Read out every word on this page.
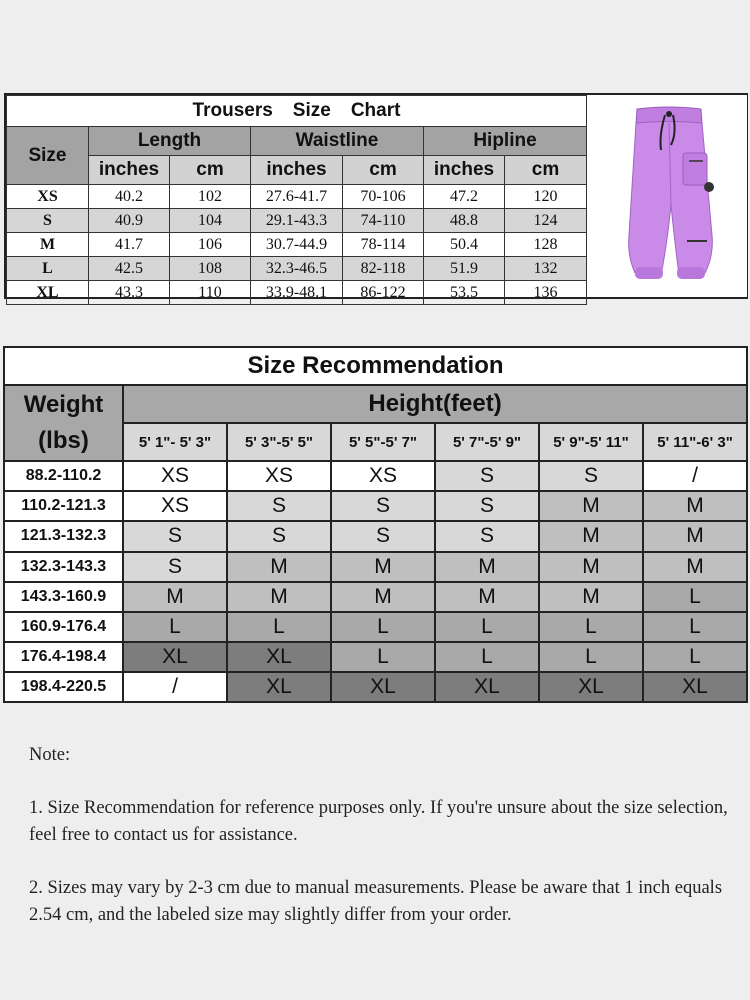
Trousers Size Chart						
Size	Length		Waistline		Hipline	
	inches	cm	inches	cm	inches	cm
XS	40.2	102	27.6-41.7	70-106	47.2	120
S	40.9	104	29.1-43.3	74-110	48.8	124
M	41.7	106	30.7-44.9	78-114	50.4	128
L	42.5	108	32.3-46.5	82-118	51.9	132
XL	43.3	110	33.9-48.1	86-122	53.5	136
Size Recommendation						

Weight
(lbs)	Height(feet)					
	5' 1"- 5' 3"	5' 3"-5' 5"	5' 5"-5' 7"	5' 7"-5' 9"	5' 9"-5' 11"	5' 11"-6' 3"
88.2-110.2	XS	XS	XS	S	S	/
110.2-121.3	XS	S	S	S	M	M
121.3-132.3	S	S	S	S	M	M
132.3-143.3	S	M	M	M	M	M
143.3-160.9	M	M	M	M	M	L
160.9-176.4	L	L	L	L	L	L
176.4-198.4	XL	XL	L	L	L	L
198.4-220.5	/	XL	XL	XL	XL	XL

Note:

1. Size Recommendation for reference purposes only. If you're unsure about the size selection, feel free to contact us for assistance.

2. Sizes may vary by 2-3 cm due to manual measurements. Please be aware that 1 inch equals 2.54 cm, and the labeled size may slightly differ from your order.
